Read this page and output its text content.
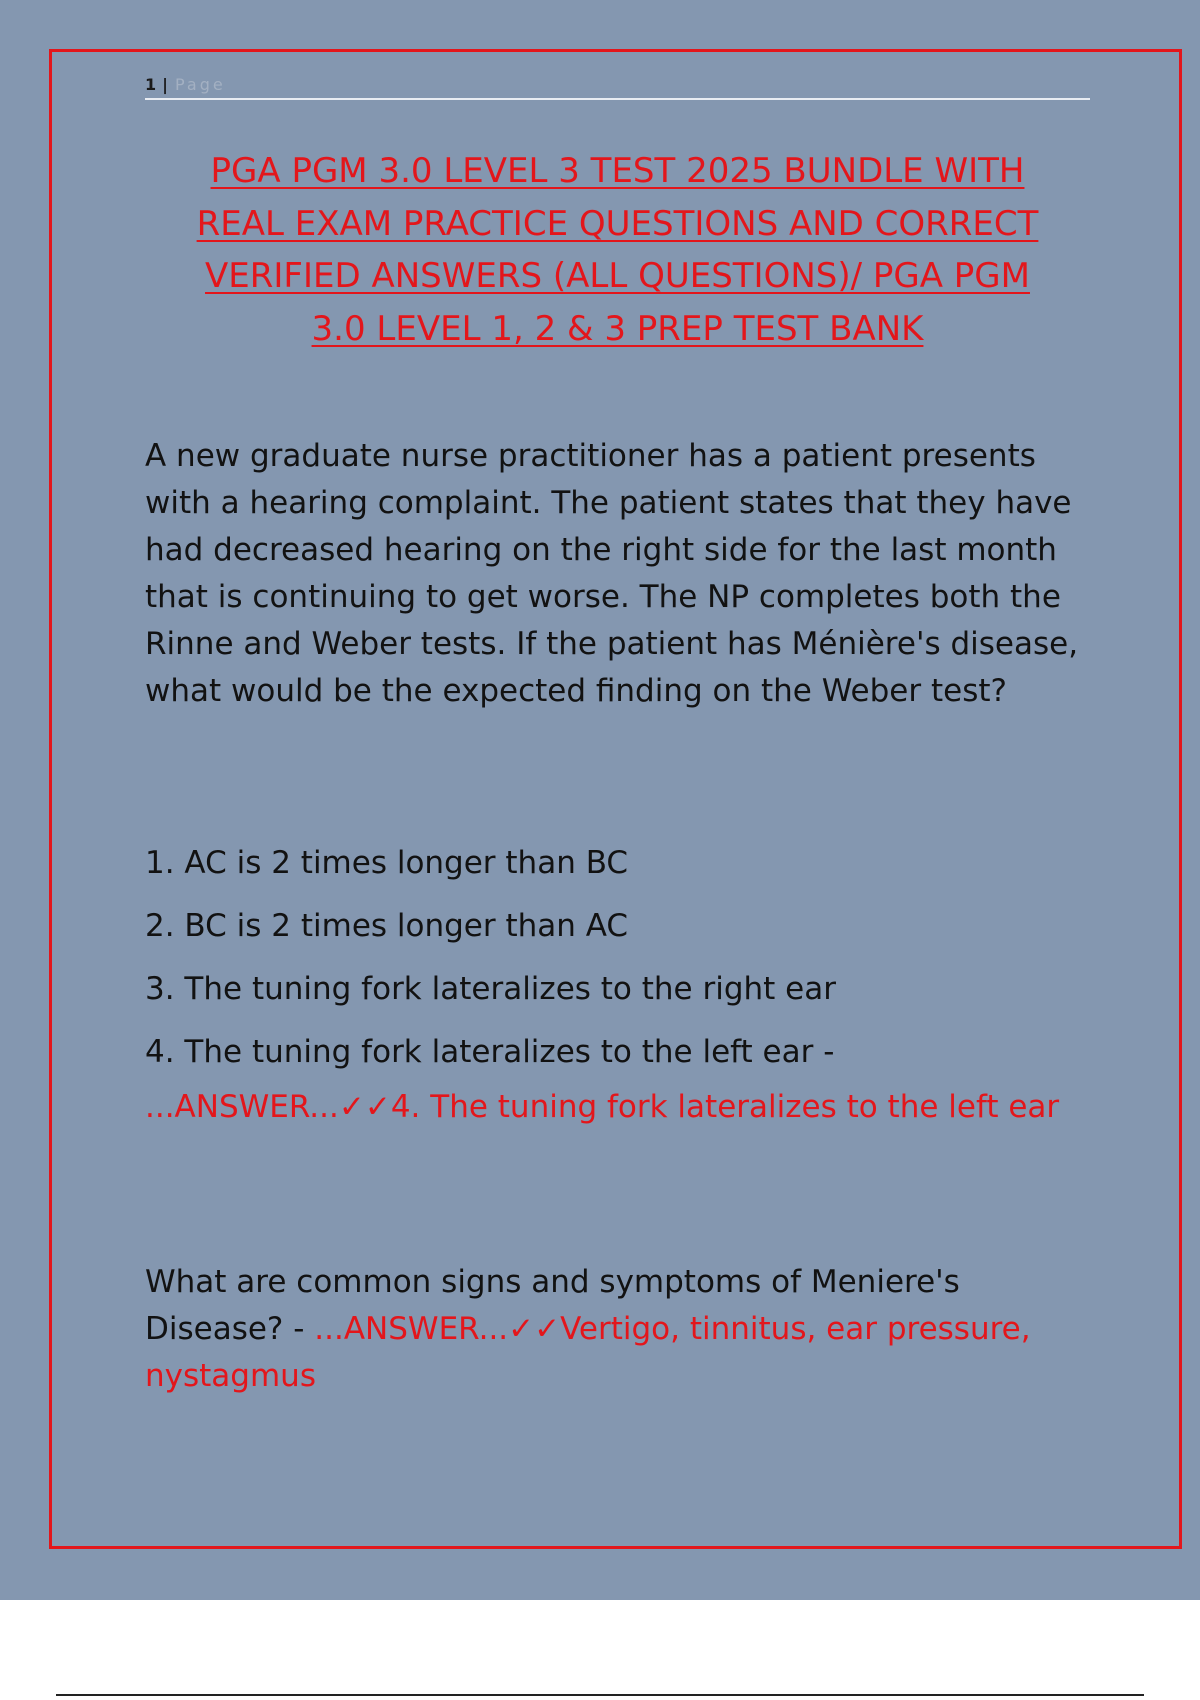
1 | Page
PGA PGM 3.0 LEVEL 3 TEST 2025 BUNDLE WITH
REAL EXAM PRACTICE QUESTIONS AND CORRECT
VERIFIED ANSWERS (ALL QUESTIONS)/ PGA PGM
3.0 LEVEL 1, 2 & 3 PREP TEST BANK

A new graduate nurse practitioner has a patient presents with a hearing complaint. The patient states that they have had decreased hearing on the right side for the last month that is continuing to get worse. The NP completes both the Rinne and Weber tests. If the patient has Ménière's disease, what would be the expected finding on the Weber test?

1. AC is 2 times longer than BC
2. BC is 2 times longer than AC
3. The tuning fork lateralizes to the right ear
4. The tuning fork lateralizes to the left ear -

...ANSWER...✓✓4. The tuning fork lateralizes to the left ear

What are common signs and symptoms of Meniere's Disease? - ...ANSWER...✓✓Vertigo, tinnitus, ear pressure, nystagmus
